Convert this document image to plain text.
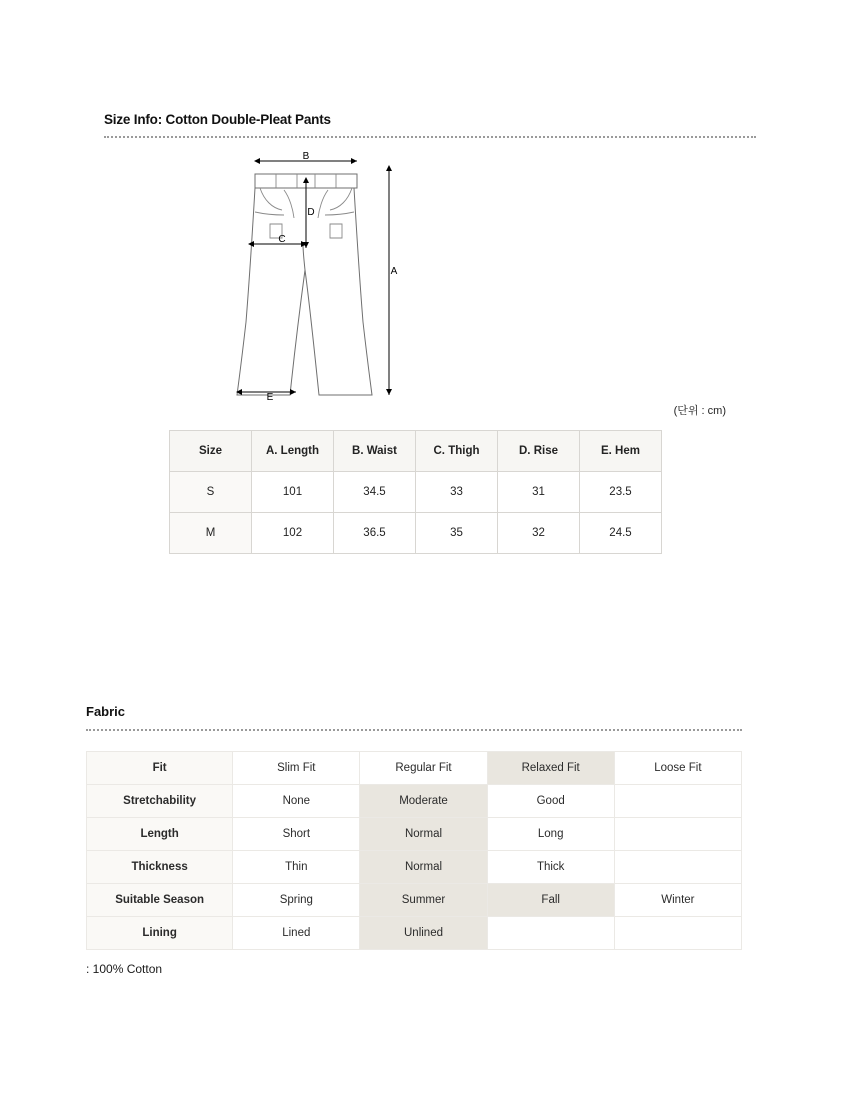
Size Info: Cotton Double-Pleat Pants
B
D
C
A
E
(단위 : cm)
Size	A. Length	B. Waist	C. Thigh	D. Rise	E. Hem
S	101	34.5	33	31	23.5
M	102	36.5	35	32	24.5
Fabric
Fit	Slim Fit	Regular Fit	Relaxed Fit	Loose Fit
Stretchability	None	Moderate	Good	
Length	Short	Normal	Long	
Thickness	Thin	Normal	Thick	
Suitable Season	Spring	Summer	Fall	Winter
Lining	Lined	Unlined		
: 100% Cotton
